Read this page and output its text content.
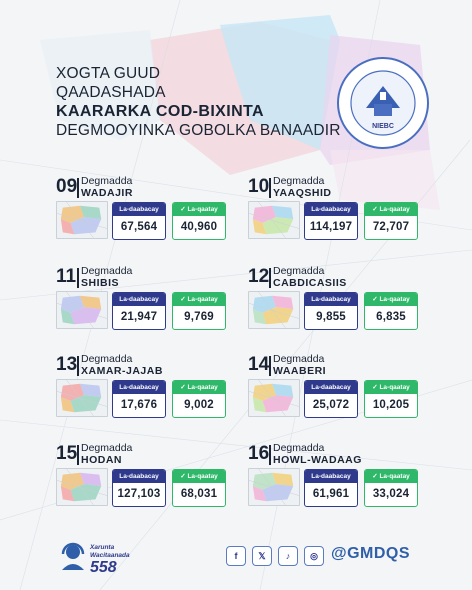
XOGTA GUUD
QAADASHADA
KAARARKA COD-BIXINTA
DEGMOOYINKA GOBOLKA BANAADIR	NIEBC
09 Degmadda
WADAJIR
La-daabacay
67,564
✓ La-qaatay
40,960
10 Degmadda
YAAQSHID
La-daabacay
114,197
✓ La-qaatay
72,707
11 Degmadda
SHIBIS
La-daabacay
21,947
✓ La-qaatay
9,769
12 Degmadda
CABDICASIIS
La-daabacay
9,855
✓ La-qaatay
6,835
13 Degmadda
XAMAR-JAJAB
La-daabacay
17,676
✓ La-qaatay
9,002
14 Degmadda
WAABERI
La-daabacay
25,072
✓ La-qaatay
10,205
15 Degmadda
HODAN
La-daabacay
127,103
✓ La-qaatay
68,031
16 Degmadda
HOWL-WADAAG
La-daabacay
61,961
✓ La-qaatay
33,024
Xarunta
Wacitaanada
558
f	𝕏	♪	◎ @GMDQS
